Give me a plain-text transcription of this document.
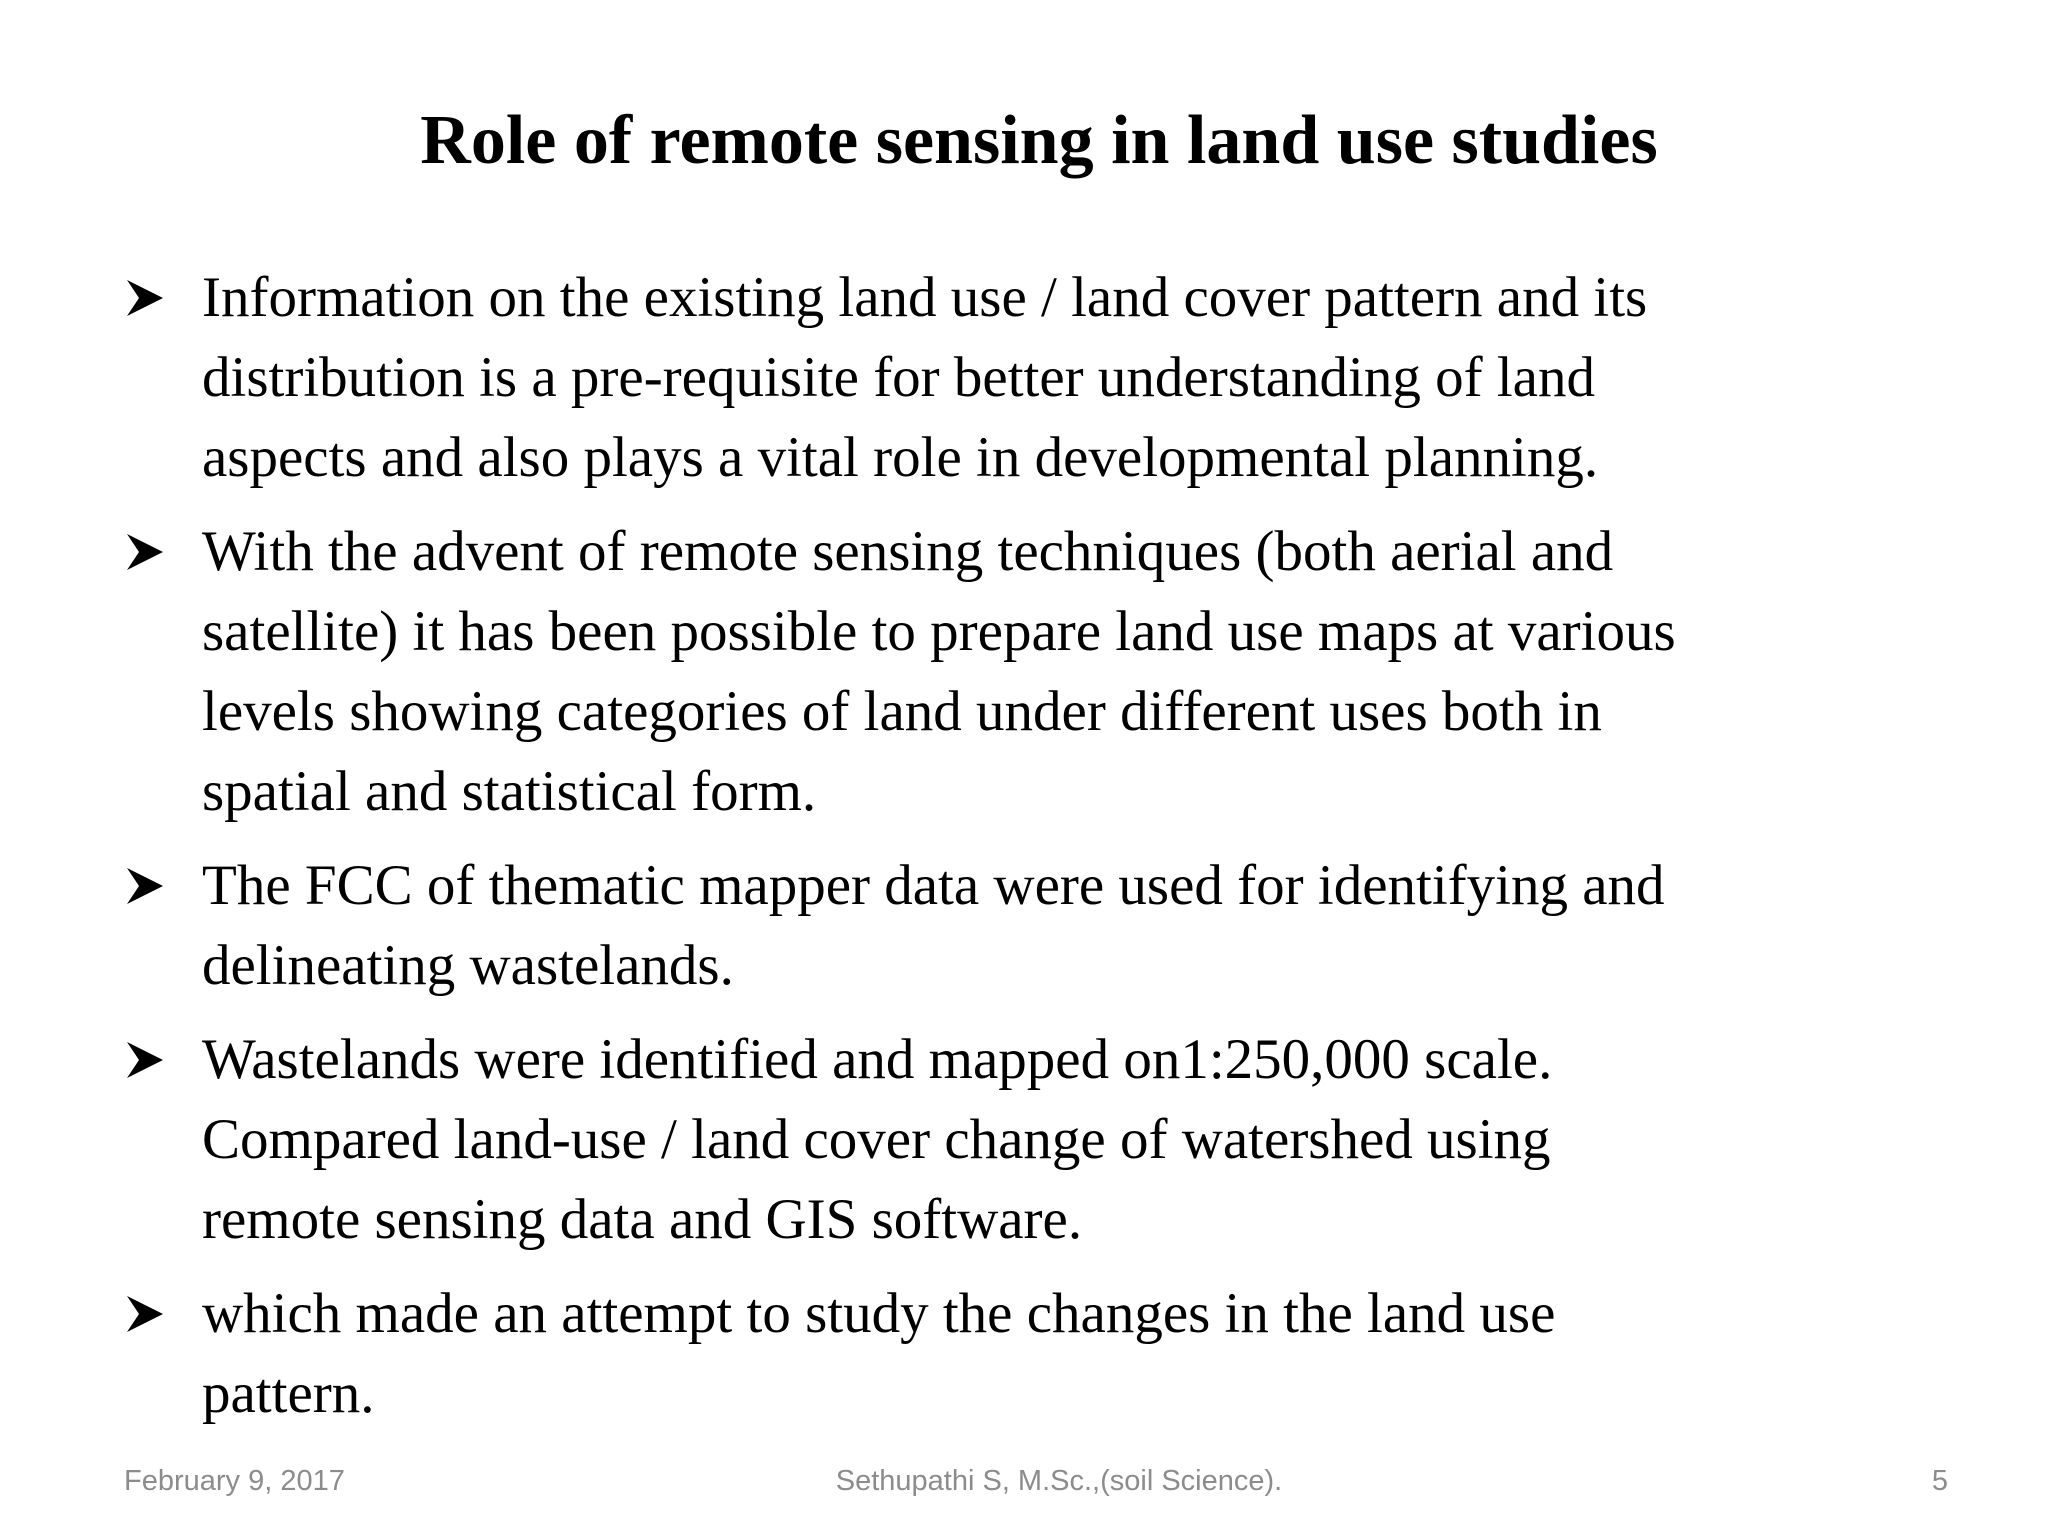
Role of remote sensing in land use studies
Information on the existing land use / land cover pattern and its
distribution is a pre-requisite for better understanding of land
aspects and also plays a vital role in developmental planning.
With the advent of remote sensing techniques (both aerial and
satellite) it has been possible to prepare land use maps at various
levels showing categories of land under different uses both in
spatial and statistical form.
The FCC of thematic mapper data were used for identifying and
delineating wastelands.
Wastelands were identified and mapped on1:250,000 scale.
Compared land-use / land cover change of watershed using
remote sensing data and GIS software.
which made an attempt to study the changes in the land use
pattern.
February 9, 2017	Sethupathi S, M.Sc.,(soil Science).	5
